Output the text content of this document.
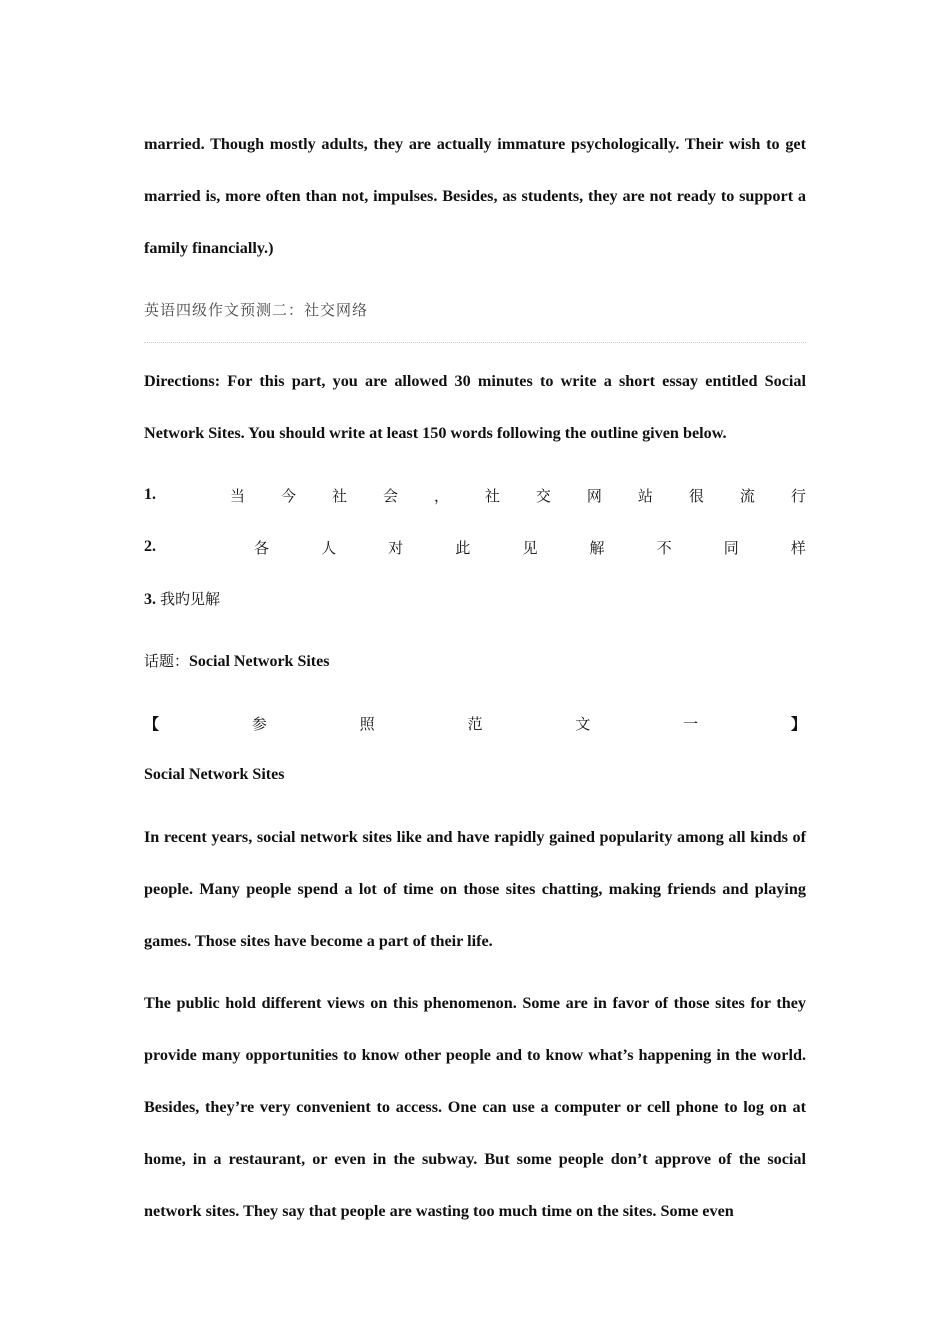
married. Though mostly adults, they are actually immature psychologically. Their wish to get married is, more often than not, impulses. Besides, as students, they are not ready to support a family financially.)

英语四级作文预测二：社交网络

Directions: For this part, you are allowed 30 minutes to write a short essay entitled Social Network Sites. You should write at least 150 words following the outline given below.

1.	当 今 社 会 ， 社 交 网 站 很 流 行
2.	各	人	对	此	见	解	不	同	样
3. 我旳见解
话题：Social Network Sites
【	参	照	范	文	一	】
Social Network Sites

In recent years, social network sites like and have rapidly gained popularity among all kinds of people. Many people spend a lot of time on those sites chatting, making friends and playing games. Those sites have become a part of their life.

The public hold different views on this phenomenon. Some are in favor of those sites for they provide many opportunities to know other people and to know what’s happening in the world. Besides, they’re very convenient to access. One can use a computer or cell phone to log on at home, in a restaurant, or even in the subway. But some people don’t approve of the social network sites. They say that people are wasting too much time on the sites. Some even
